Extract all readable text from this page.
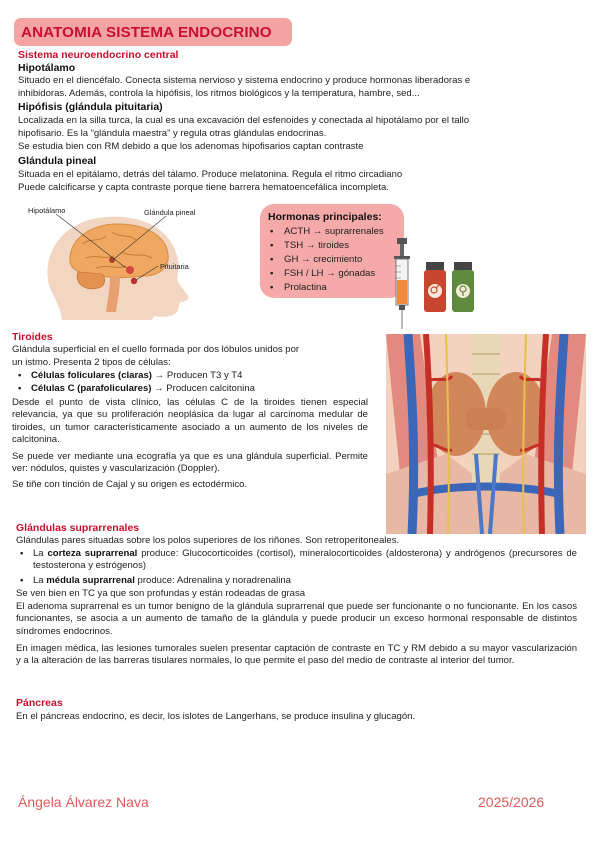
ANATOMIA SISTEMA ENDOCRINO
Sistema neuroendocrino central
Hipotálamo
Situado en el diencéfalo. Conecta sistema nervioso y sistema endocrino y produce hormonas liberadoras e
inhibidoras. Además, controla la hipófisis, los ritmos biológicos y la temperatura, hambre, sed...
Hipófisis (glándula pituitaria)
Localizada en la silla turca, la cual es una excavación del esfenoides y conectada al hipotálamo por el tallo
hipofisario. Es la “glándula maestra” y regula otras glándulas endocrinas.
Se estudia bien con RM debido a que los adenomas hipofisarios captan contraste
Glándula pineal
Situada en el epitálamo, detrás del tálamo. Produce melatonina. Regula el ritmo circadiano
Puede calcificarse y capta contraste porque tiene barrera hematoencefálica incompleta.
Hipotálamo	Glándula pineal
Pituitaria
Hormonas principales:
• ACTH → suprarrenales
• TSH → tiroides
• GH → crecimiento
• FSH / LH → gónadas
• Prolactina
Tiroides
Glándula superficial en el cuello formada por dos lóbulos unidos por
un istmo. Presenta 2 tipos de células:
• Células foliculares (claras) → Producen T3 y T4
• Células C (parafoliculares) → Producen calcitonina
Desde el punto de vista clínico, las células C de la tiroides tienen especial relevancia, ya que su proliferación neoplásica da lugar al carcinoma medular de tiroides, un tumor característicamente asociado a un aumento de los niveles de calcitonina.
Se puede ver mediante una ecografía ya que es una glándula superficial. Permite ver: nódulos, quistes y vascularización (Doppler).
Se tiñe con tinción de Cajal y su origen es ectodérmico.
Glándulas suprarrenales
Glándulas pares situadas sobre los polos superiores de los riñones. Son retroperitoneales.
• La corteza suprarrenal produce: Glucocorticoides (cortisol), mineralocorticoides (aldosterona) y andrógenos (precursores de testosterona y estrógenos)
• La médula suprarrenal produce: Adrenalina y noradrenalina
Se ven bien en TC ya que son profundas y están rodeadas de grasa
El adenoma suprarrenal es un tumor benigno de la glándula suprarrenal que puede ser funcionante o no funcionante. En los casos funcionantes, se asocia a un aumento de tamaño de la glándula y puede producir un exceso hormonal responsable de distintos síndromes endocrinos.
En imagen médica, las lesiones tumorales suelen presentar captación de contraste en TC y RM debido a su mayor vascularización y a la alteración de las barreras tisulares normales, lo que permite el paso del medio de contraste al interior del tumor.
Páncreas
En el páncreas endocrino, es decir, los islotes de Langerhans, se produce insulina y glucagón.
Ángela Álvarez Nava	2025/2026
